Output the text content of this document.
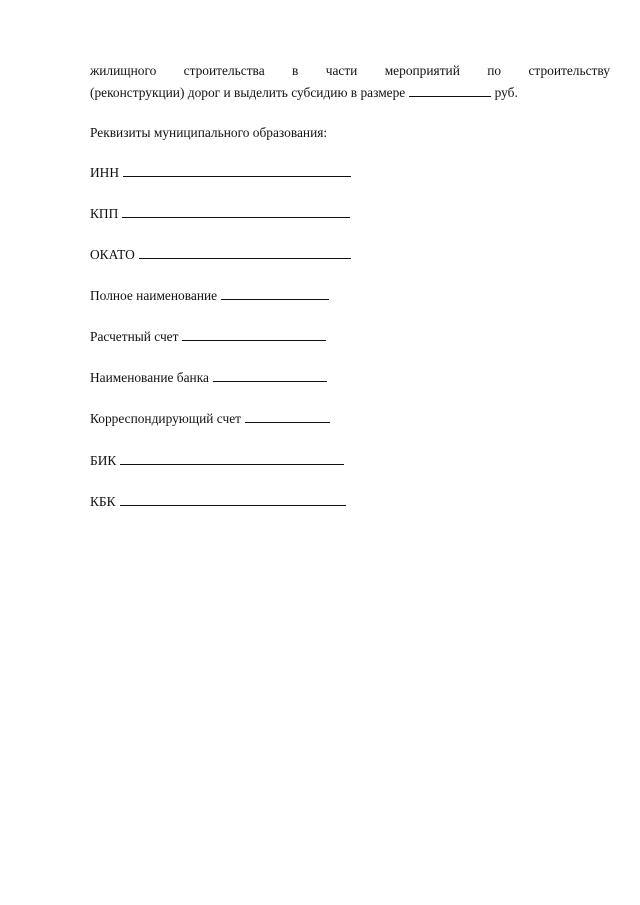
жилищного строительства в части мероприятий по строительству
(реконструкции) дорог и выделить субсидию в размере	руб.
Реквизиты муниципального образования:
ИНН
КПП
ОКАТО
Полное наименование
Расчетный счет
Наименование банка
Корреспондирующий счет
БИК
КБК
